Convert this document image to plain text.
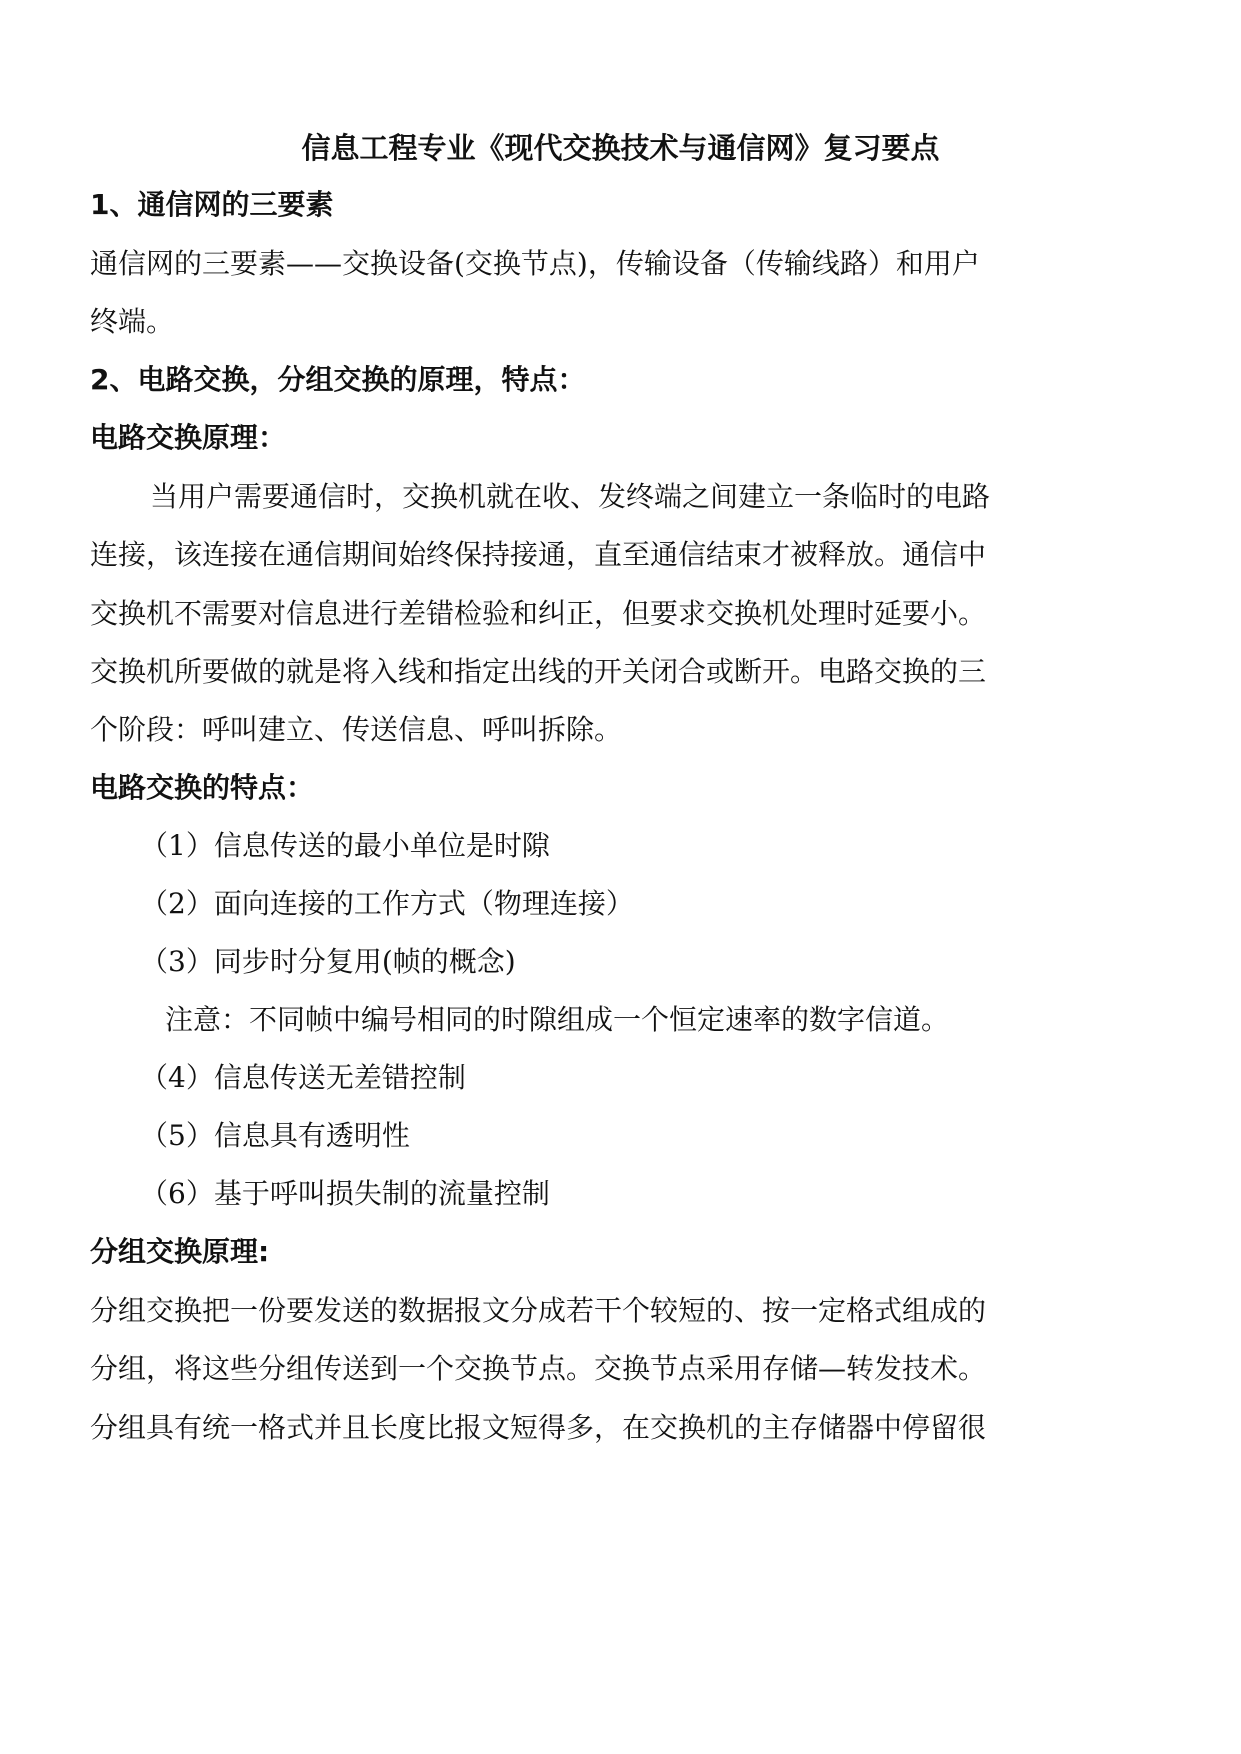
信息工程专业《现代交换技术与通信网》复习要点
1、通信网的三要素
通信网的三要素——交换设备(交换节点)，传输设备（传输线路）和用户
终端。
2、电路交换，分组交换的原理，特点：
电路交换原理：
当用户需要通信时，交换机就在收、发终端之间建立一条临时的电路
连接，该连接在通信期间始终保持接通，直至通信结束才被释放。通信中
交换机不需要对信息进行差错检验和纠正，但要求交换机处理时延要小。
交换机所要做的就是将入线和指定出线的开关闭合或断开。电路交换的三
个阶段：呼叫建立、传送信息、呼叫拆除。
电路交换的特点：
（1）信息传送的最小单位是时隙
（2）面向连接的工作方式（物理连接）
（3）同步时分复用(帧的概念)
注意：不同帧中编号相同的时隙组成一个恒定速率的数字信道。
（4）信息传送无差错控制
（5）信息具有透明性
（6）基于呼叫损失制的流量控制
分组交换原理:
分组交换把一份要发送的数据报文分成若干个较短的、按一定格式组成的
分组，将这些分组传送到一个交换节点。交换节点采用存储—转发技术。
分组具有统一格式并且长度比报文短得多，在交换机的主存储器中停留很
